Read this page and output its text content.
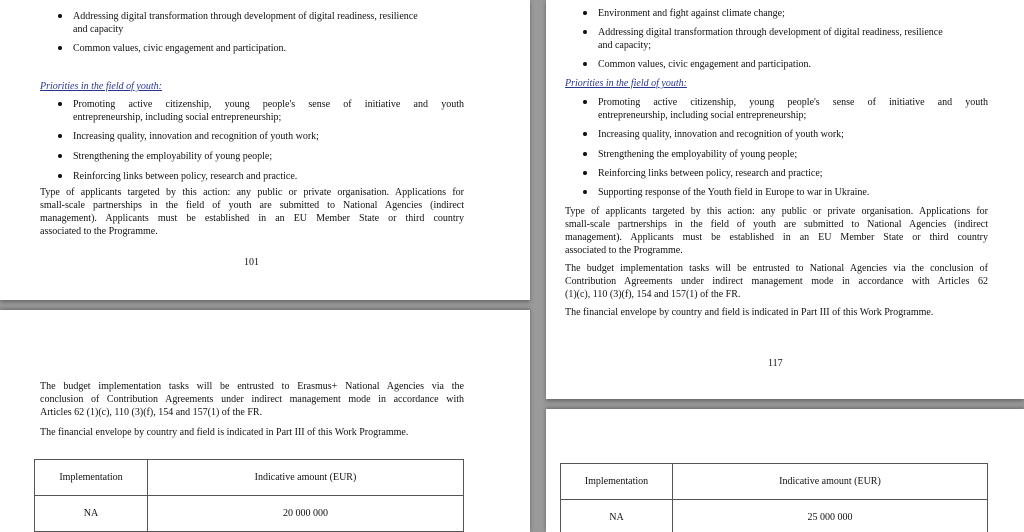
Addressing digital transformation through development of digital readiness, resilience
and capacity
Common values, civic engagement and participation.
Priorities in the field of youth:
Promoting active citizenship, young people's sense of initiative and youth
entrepreneurship, including social entrepreneurship;
Increasing quality, innovation and recognition of youth work;
Strengthening the employability of young people;
Reinforcing links between policy, research and practice.
Type of applicants targeted by this action: any public or private organisation. Applications for
small-scale partnerships in the field of youth are submitted to National Agencies (indirect
management). Applicants must be established in an EU Member State or third country
associated to the Programme.
101
The budget implementation tasks will be entrusted to Erasmus+ National Agencies via the
conclusion of Contribution Agreements under indirect management mode in accordance with
Articles 62 (1)(c), 110 (3)(f), 154 and 157(1) of the FR.
The financial envelope by country and field is indicated in Part III of this Work Programme.
Implementation	Indicative amount (EUR)
NA	20 000 000
Environment and fight against climate change;
Addressing digital transformation through development of digital readiness, resilience
and capacity;
Common values, civic engagement and participation.
Priorities in the field of youth:
Promoting active citizenship, young people's sense of initiative and youth
entrepreneurship, including social entrepreneurship;
Increasing quality, innovation and recognition of youth work;
Strengthening the employability of young people;
Reinforcing links between policy, research and practice;
Supporting response of the Youth field in Europe to war in Ukraine.
Type of applicants targeted by this action: any public or private organisation. Applications for
small-scale partnerships in the field of youth are submitted to National Agencies (indirect
management). Applicants must be established in an EU Member State or third country
associated to the Programme.
The budget implementation tasks will be entrusted to National Agencies via the conclusion of
Contribution Agreements under indirect management mode in accordance with Articles 62
(1)(c), 110 (3)(f), 154 and 157(1) of the FR.
The financial envelope by country and field is indicated in Part III of this Work Programme.
117
Implementation	Indicative amount (EUR)
NA	25 000 000
